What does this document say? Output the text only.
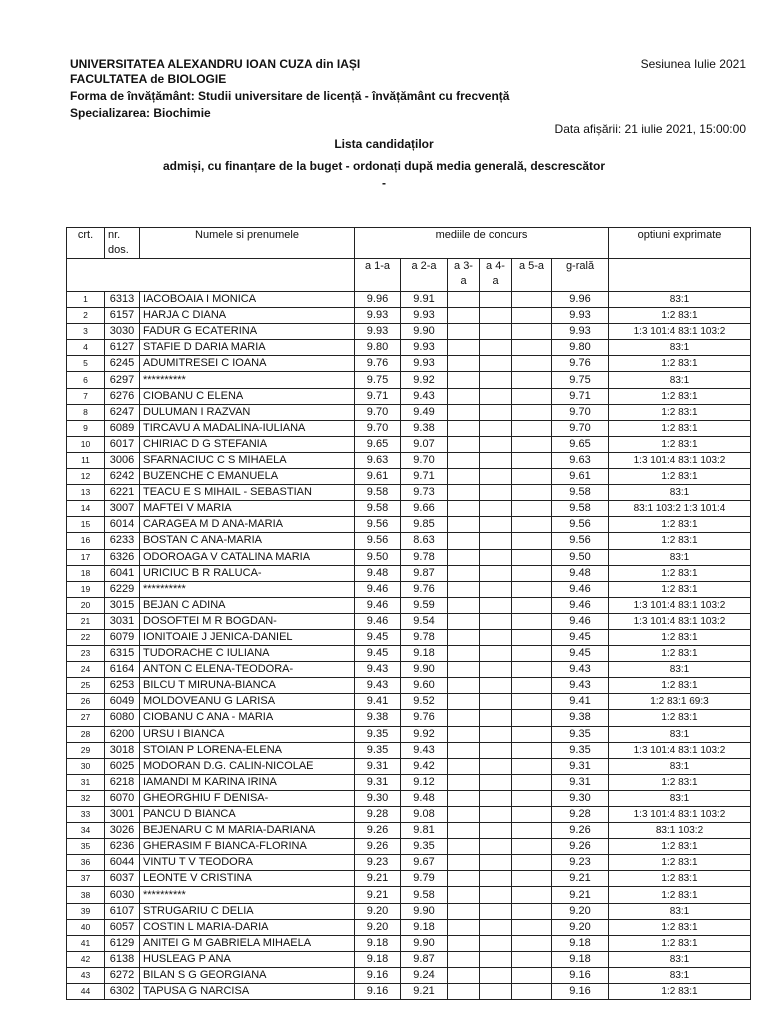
UNIVERSITATEA ALEXANDRU IOAN CUZA din IAȘI
FACULTATEA de BIOLOGIE
Forma de învățământ: Studii universitare de licență - învățământ cu frecvență
Specializarea: Biochimie
Sesiunea Iulie 2021
Data afișării: 21 iulie 2021, 15:00:00
Lista candidaților
admiși, cu finanțare de la buget - ordonați după media generală, descrescător
-
crt.	nr. dos.	Numele si prenumele	mediile de concurs						optiuni exprimate
			a 1-a	a 2-a	a 3-a	a 4-a	a 5-a	g-rală	
1	6313	IACOBOAIA I MONICA	9.96	9.91				9.96	83:1
2	6157	HARJA C DIANA	9.93	9.93				9.93	1:2 83:1
3	3030	FADUR G ECATERINA	9.93	9.90				9.93	1:3 101:4 83:1 103:2
4	6127	STAFIE D DARIA MARIA	9.80	9.93				9.80	83:1
5	6245	ADUMITRESEI C IOANA	9.76	9.93				9.76	1:2 83:1
6	6297	**********	9.75	9.92				9.75	83:1
7	6276	CIOBANU C ELENA	9.71	9.43				9.71	1:2 83:1
8	6247	DULUMAN I RAZVAN	9.70	9.49				9.70	1:2 83:1
9	6089	TIRCAVU A MADALINA-IULIANA	9.70	9.38				9.70	1:2 83:1
10	6017	CHIRIAC D G STEFANIA	9.65	9.07				9.65	1:2 83:1
11	3006	SFARNACIUC C S MIHAELA	9.63	9.70				9.63	1:3 101:4 83:1 103:2
12	6242	BUZENCHE C EMANUELA	9.61	9.71				9.61	1:2 83:1
13	6221	TEACU E S MIHAIL - SEBASTIAN	9.58	9.73				9.58	83:1
14	3007	MAFTEI V MARIA	9.58	9.66				9.58	83:1 103:2 1:3 101:4
15	6014	CARAGEA M D ANA-MARIA	9.56	9.85				9.56	1:2 83:1
16	6233	BOSTAN C ANA-MARIA	9.56	8.63				9.56	1:2 83:1
17	6326	ODOROAGA V CATALINA MARIA	9.50	9.78				9.50	83:1
18	6041	URICIUC B R RALUCA-	9.48	9.87				9.48	1:2 83:1
19	6229	**********	9.46	9.76				9.46	1:2 83:1
20	3015	BEJAN C ADINA	9.46	9.59				9.46	1:3 101:4 83:1 103:2
21	3031	DOSOFTEI M R BOGDAN-	9.46	9.54				9.46	1:3 101:4 83:1 103:2
22	6079	IONITOAIE J JENICA-DANIEL	9.45	9.78				9.45	1:2 83:1
23	6315	TUDORACHE C IULIANA	9.45	9.18				9.45	1:2 83:1
24	6164	ANTON C ELENA-TEODORA-	9.43	9.90				9.43	83:1
25	6253	BILCU T MIRUNA-BIANCA	9.43	9.60				9.43	1:2 83:1
26	6049	MOLDOVEANU G LARISA	9.41	9.52				9.41	1:2 83:1 69:3
27	6080	CIOBANU C ANA - MARIA	9.38	9.76				9.38	1:2 83:1
28	6200	URSU I BIANCA	9.35	9.92				9.35	83:1
29	3018	STOIAN P LORENA-ELENA	9.35	9.43				9.35	1:3 101:4 83:1 103:2
30	6025	MODORAN D.G. CALIN-NICOLAE	9.31	9.42				9.31	83:1
31	6218	IAMANDI M KARINA IRINA	9.31	9.12				9.31	1:2 83:1
32	6070	GHEORGHIU F DENISA-	9.30	9.48				9.30	83:1
33	3001	PANCU D BIANCA	9.28	9.08				9.28	1:3 101:4 83:1 103:2
34	3026	BEJENARU C M MARIA-DARIANA	9.26	9.81				9.26	83:1 103:2
35	6236	GHERASIM F BIANCA-FLORINA	9.26	9.35				9.26	1:2 83:1
36	6044	VINTU T V TEODORA	9.23	9.67				9.23	1:2 83:1
37	6037	LEONTE V CRISTINA	9.21	9.79				9.21	1:2 83:1
38	6030	**********	9.21	9.58				9.21	1:2 83:1
39	6107	STRUGARIU C DELIA	9.20	9.90				9.20	83:1
40	6057	COSTIN L MARIA-DARIA	9.20	9.18				9.20	1:2 83:1
41	6129	ANITEI G M GABRIELA MIHAELA	9.18	9.90				9.18	1:2 83:1
42	6138	HUSLEAG P ANA	9.18	9.87				9.18	83:1
43	6272	BILAN S G GEORGIANA	9.16	9.24				9.16	83:1
44	6302	TAPUSA G NARCISA	9.16	9.21				9.16	1:2 83:1
